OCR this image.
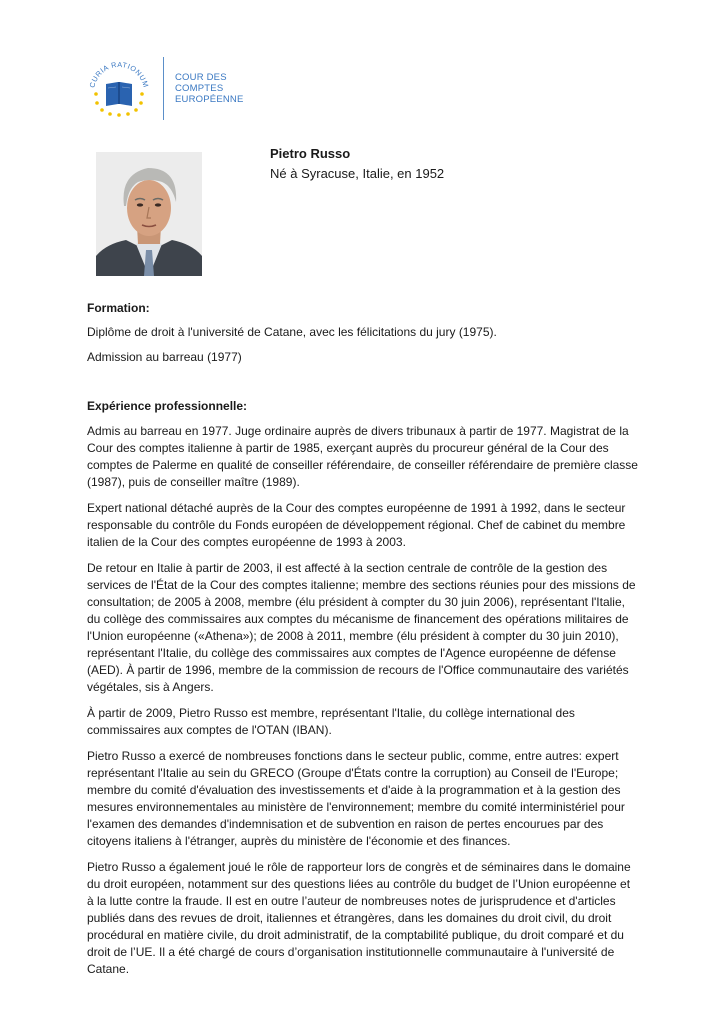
CURIA RATIONUM
COUR DES
COMPTES
EUROPÉENNE
Pietro Russo
Né à Syracuse, Italie, en 1952

Formation:

Diplôme de droit à l'université de Catane, avec les félicitations du jury (1975).

Admission au barreau (1977)

Expérience professionnelle:

Admis au barreau en 1977. Juge ordinaire auprès de divers tribunaux à partir de 1977. Magistrat de la Cour des comptes italienne à partir de 1985, exerçant auprès du procureur général de la Cour des comptes de Palerme en qualité de conseiller référendaire, de conseiller référendaire de première classe (1987), puis de conseiller maître (1989).

Expert national détaché auprès de la Cour des comptes européenne de 1991 à 1992, dans le secteur responsable du contrôle du Fonds européen de développement régional. Chef de cabinet du membre italien de la Cour des comptes européenne de 1993 à 2003.

De retour en Italie à partir de 2003, il est affecté à la section centrale de contrôle de la gestion des services de l'État de la Cour des comptes italienne; membre des sections réunies pour des missions de consultation; de 2005 à 2008, membre (élu président à compter du 30 juin 2006), représentant l'Italie, du collège des commissaires aux comptes du mécanisme de financement des opérations militaires de l'Union européenne («Athena»); de 2008 à 2011, membre (élu président à compter du 30 juin 2010), représentant l'Italie, du collège des commissaires aux comptes de l'Agence européenne de défense (AED). À partir de 1996, membre de la commission de recours de l'Office communautaire des variétés végétales, sis à Angers.

À partir de 2009, Pietro Russo est membre, représentant l'Italie, du collège international des commissaires aux comptes de l'OTAN (IBAN).

Pietro Russo a exercé de nombreuses fonctions dans le secteur public, comme, entre autres: expert représentant l'Italie au sein du GRECO (Groupe d'États contre la corruption) au Conseil de l'Europe; membre du comité d'évaluation des investissements et d'aide à la programmation et à la gestion des mesures environnementales au ministère de l'environnement; membre du comité interministériel pour l'examen des demandes d'indemnisation et de subvention en raison de pertes encourues par des citoyens italiens à l'étranger, auprès du ministère de l'économie et des finances.

Pietro Russo a également joué le rôle de rapporteur lors de congrès et de séminaires dans le domaine du droit européen, notamment sur des questions liées au contrôle du budget de l’Union européenne et à la lutte contre la fraude. Il est en outre l’auteur de nombreuses notes de jurisprudence et d'articles publiés dans des revues de droit, italiennes et étrangères, dans les domaines du droit civil, du droit procédural en matière civile, du droit administratif, de la comptabilité publique, du droit comparé et du droit de l’UE. Il a été chargé de cours d’organisation institutionnelle communautaire à l'université de Catane.
